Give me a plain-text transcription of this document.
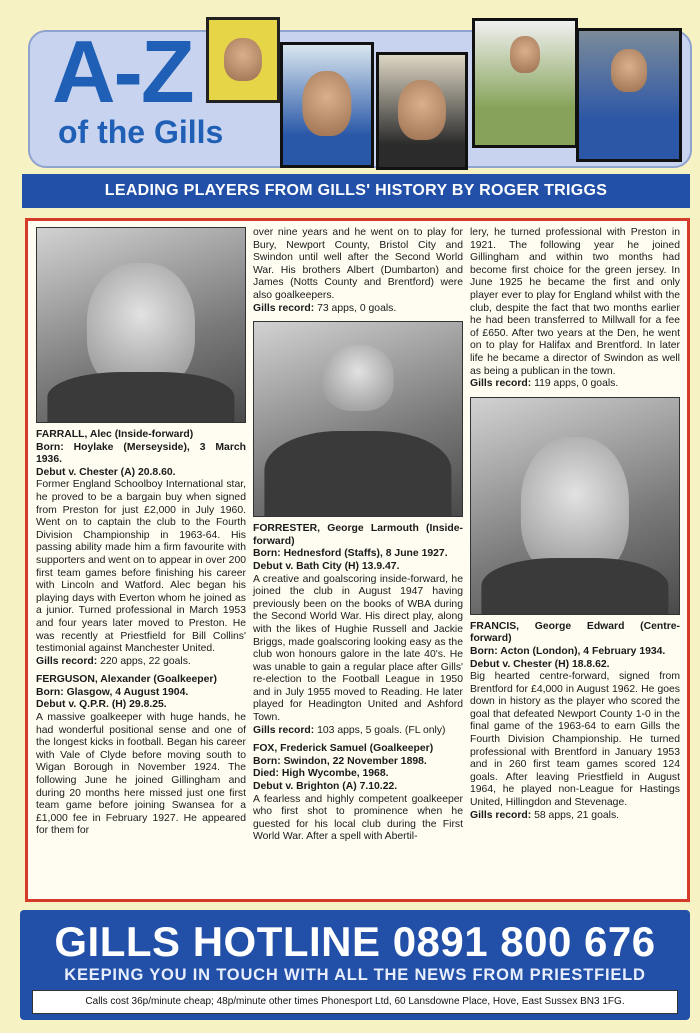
A-Z
of the Gills
LEADING PLAYERS FROM GILLS' HISTORY BY ROGER TRIGGS

FARRALL, Alec (Inside-forward)

Born: Hoylake (Merseyside), 3 March 1936.

Debut v. Chester (A) 20.8.60.

Former England Schoolboy International star, he proved to be a bargain buy when signed from Preston for just £2,000 in July 1960. Went on to captain the club to the Fourth Division Championship in 1963-64. His passing ability made him a firm favourite with supporters and went on to appear in over 200 first team games before finishing his career with Lincoln and Watford. Alec began his playing days with Everton whom he joined as a junior. Turned professional in March 1953 and four years later moved to Preston. He was recently at Priestfield for Bill Collins' testimonial against Manchester United.

Gills record: 220 apps, 22 goals.

FERGUSON, Alexander (Goalkeeper)

Born: Glasgow, 4 August 1904.

Debut v. Q.P.R. (H) 29.8.25.

A massive goalkeeper with huge hands, he had wonderful positional sense and one of the longest kicks in football. Began his career with Vale of Clyde before moving south to Wigan Borough in November 1924. The following June he joined Gillingham and during 20 months here missed just one first team game before joining Swansea for a £1,000 fee in February 1927. He appeared for them for

over nine years and he went on to play for Bury, Newport County, Bristol City and Swindon until well after the Second World War. His brothers Albert (Dumbarton) and James (Notts County and Brentford) were also goalkeepers.

Gills record: 73 apps, 0 goals.

FORRESTER, George Larmouth (Inside-forward)

Born: Hednesford (Staffs), 8 June 1927.

Debut v. Bath City (H) 13.9.47.

A creative and goalscoring inside-forward, he joined the club in August 1947 having previously been on the books of WBA during the Second World War. His direct play, along with the likes of Hughie Russell and Jackie Briggs, made goalscoring looking easy as the club won honours galore in the late 40's. He was unable to gain a regular place after Gills' re-election to the Football League in 1950 and in July 1955 moved to Reading. He later played for Headington United and Ashford Town.

Gills record: 103 apps, 5 goals. (FL only)

FOX, Frederick Samuel (Goalkeeper)

Born: Swindon, 22 November 1898.

Died: High Wycombe, 1968.

Debut v. Brighton (A) 7.10.22.

A fearless and highly competent goalkeeper who first shot to prominence when he guested for his local club during the First World War. After a spell with Abertil-

lery, he turned professional with Preston in 1921. The following year he joined Gillingham and within two months had become first choice for the green jersey. In June 1925 he became the first and only player ever to play for England whilst with the club, despite the fact that two months earlier he had been transferred to Millwall for a fee of £650. After two years at the Den, he went on to play for Halifax and Brentford. In later life he became a director of Swindon as well as being a publican in the town.

Gills record: 119 apps, 0 goals.

FRANCIS, George Edward (Centre-forward)

Born: Acton (London), 4 February 1934.

Debut v. Chester (H) 18.8.62.

Big hearted centre-forward, signed from Brentford for £4,000 in August 1962. He goes down in history as the player who scored the goal that defeated Newport County 1-0 in the final game of the 1963-64 to earn Gills the Fourth Division Championship. He turned professional with Brentford in January 1953 and in 260 first team games scored 124 goals. After leaving Priestfield in August 1964, he played non-League for Hastings United, Hillingdon and Stevenage.

Gills record: 58 apps, 21 goals.

GILLS HOTLINE 0891 800 676
KEEPING YOU IN TOUCH WITH ALL THE NEWS FROM PRIESTFIELD
Calls cost 36p/minute cheap; 48p/minute other times Phonesport Ltd, 60 Lansdowne Place, Hove, East Sussex BN3 1FG.
